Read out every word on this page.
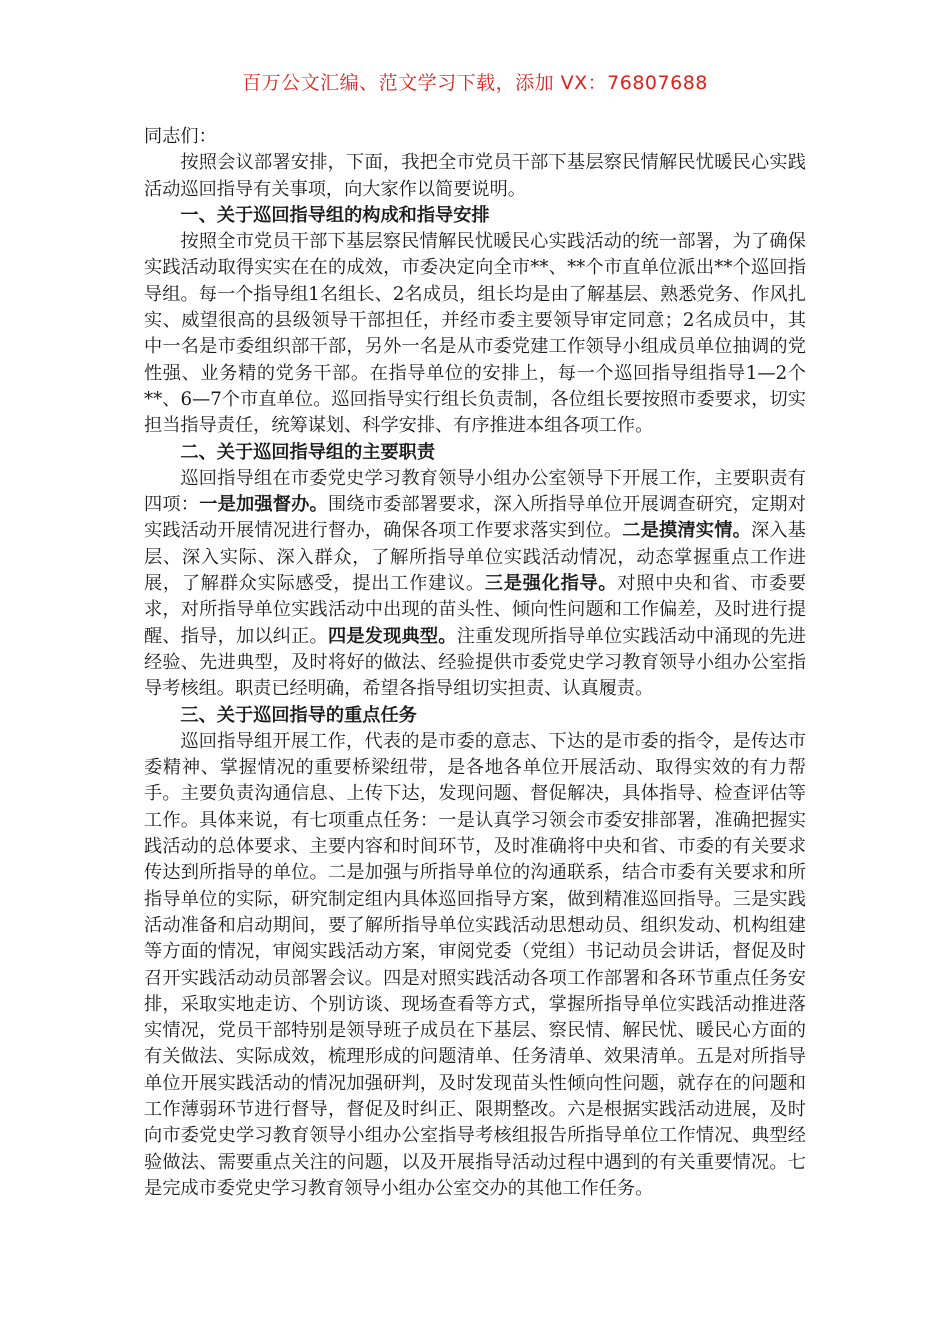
百万公文汇编、范文学习下载，添加 VX：76807688

同志们：

按照会议部署安排，下面，我把全市党员干部下基层察民情解民忧暖民心实践活动巡回指导有关事项，向大家作以简要说明。

一、关于巡回指导组的构成和指导安排

按照全市党员干部下基层察民情解民忧暖民心实践活动的统一部署，为了确保实践活动取得实实在在的成效，市委决定向全市**、**个市直单位派出**个巡回指导组。每一个指导组1名组长、2名成员，组长均是由了解基层、熟悉党务、作风扎实、威望很高的县级领导干部担任，并经市委主要领导审定同意；2名成员中，其中一名是市委组织部干部，另外一名是从市委党建工作领导小组成员单位抽调的党性强、业务精的党务干部。在指导单位的安排上，每一个巡回指导组指导1—2个**、6—7个市直单位。巡回指导实行组长负责制，各位组长要按照市委要求，切实担当指导责任，统筹谋划、科学安排、有序推进本组各项工作。

二、关于巡回指导组的主要职责

巡回指导组在市委党史学习教育领导小组办公室领导下开展工作，主要职责有四项：一是加强督办。围绕市委部署要求，深入所指导单位开展调查研究，定期对实践活动开展情况进行督办，确保各项工作要求落实到位。二是摸清实情。深入基层、深入实际、深入群众，了解所指导单位实践活动情况，动态掌握重点工作进展，了解群众实际感受，提出工作建议。三是强化指导。对照中央和省、市委要求，对所指导单位实践活动中出现的苗头性、倾向性问题和工作偏差，及时进行提醒、指导，加以纠正。四是发现典型。注重发现所指导单位实践活动中涌现的先进经验、先进典型，及时将好的做法、经验提供市委党史学习教育领导小组办公室指导考核组。职责已经明确，希望各指导组切实担责、认真履责。

三、关于巡回指导的重点任务

巡回指导组开展工作，代表的是市委的意志、下达的是市委的指令，是传达市委精神、掌握情况的重要桥梁纽带，是各地各单位开展活动、取得实效的有力帮手。主要负责沟通信息、上传下达，发现问题、督促解决，具体指导、检查评估等工作。具体来说，有七项重点任务：一是认真学习领会市委安排部署，准确把握实践活动的总体要求、主要内容和时间环节，及时准确将中央和省、市委的有关要求传达到所指导的单位。二是加强与所指导单位的沟通联系，结合市委有关要求和所指导单位的实际，研究制定组内具体巡回指导方案，做到精准巡回指导。三是实践活动准备和启动期间，要了解所指导单位实践活动思想动员、组织发动、机构组建等方面的情况，审阅实践活动方案，审阅党委（党组）书记动员会讲话，督促及时召开实践活动动员部署会议。四是对照实践活动各项工作部署和各环节重点任务安排，采取实地走访、个别访谈、现场查看等方式，掌握所指导单位实践活动推进落实情况，党员干部特别是领导班子成员在下基层、察民情、解民忧、暖民心方面的有关做法、实际成效，梳理形成的问题清单、任务清单、效果清单。五是对所指导单位开展实践活动的情况加强研判，及时发现苗头性倾向性问题，就存在的问题和工作薄弱环节进行督导，督促及时纠正、限期整改。六是根据实践活动进展，及时向市委党史学习教育领导小组办公室指导考核组报告所指导单位工作情况、典型经验做法、需要重点关注的问题，以及开展指导活动过程中遇到的有关重要情况。七是完成市委党史学习教育领导小组办公室交办的其他工作任务。
